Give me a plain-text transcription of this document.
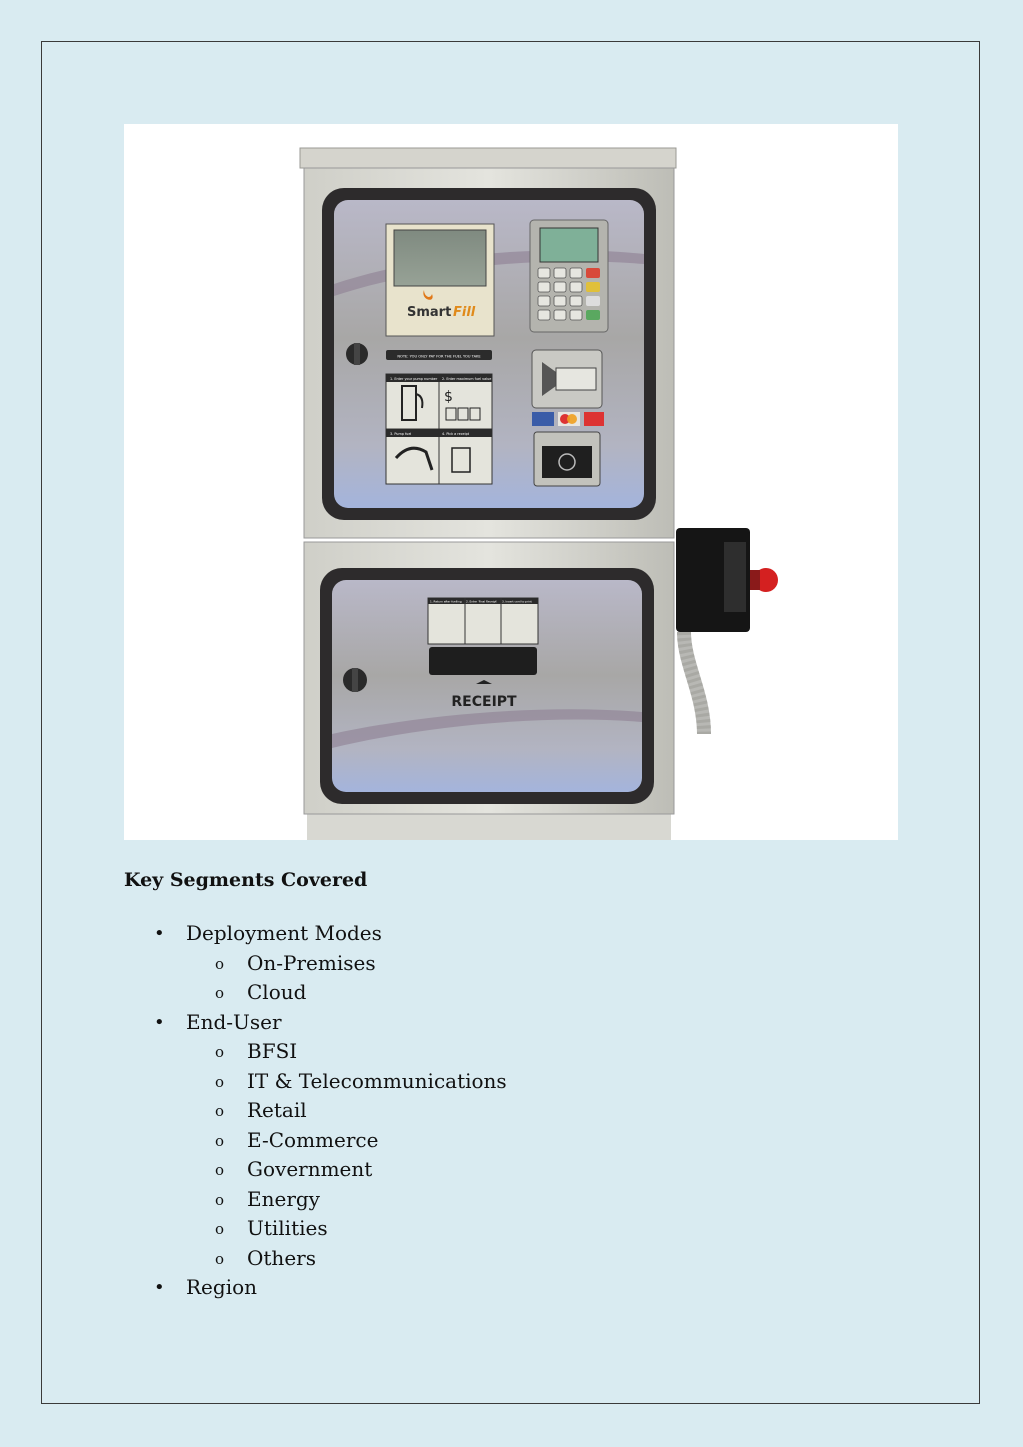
Smart Fill
NOTE: YOU ONLY PAY FOR THE FUEL YOU TAKE
1. Enter your pump number 2. Enter maximum fuel value
3. Pump fuel	4. Pick a receipt
$
1. Return after fuelling 2. Enter 'Final Receipt' 3. Insert card to print
RECEIPT
Key Segments Covered
• Deployment Modes
o On-Premises
o Cloud
• End-User
o BFSI
o IT & Telecommunications
o Retail
o E-Commerce
o Government
o Energy
o Utilities
o Others
• Region
